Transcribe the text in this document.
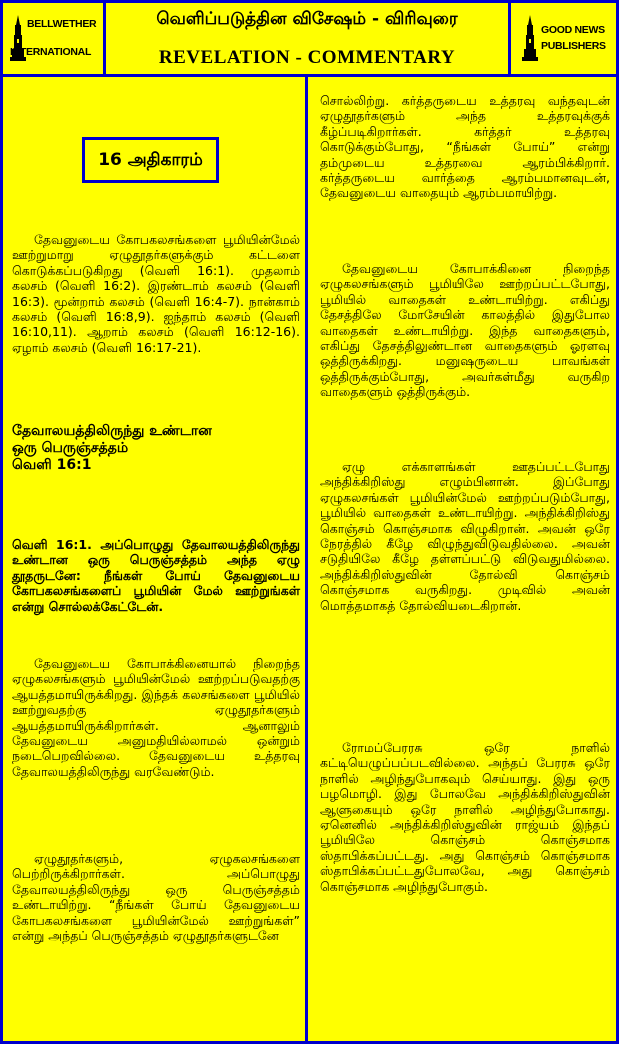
BELLWETHER
INTERNATIONAL
வெளிப்படுத்தின விசேஷம் - விரிவுரை
REVELATION - COMMENTARY
GOOD NEWS
PUBLISHERS
16 அதிகாரம்
தேவனுடைய கோபகலசங்களை பூமியின்மேல் ஊற்றுமாறு ஏழுதூதர்களுக்கும் கட்டளை கொடுக்கப்படுகிறது (வெளி 16:1). முதலாம் கலசம் (வெளி 16:2). இரண்டாம் கலசம் (வெளி 16:3). மூன்றாம் கலசம் (வெளி 16:4-7). நான்காம் கலசம் (வெளி 16:8,9). ஐந்தாம் கலசம் (வெளி 16:10,11). ஆறாம் கலசம் (வெளி 16:12-16). ஏழாம் கலசம் (வெளி 16:17-21).
தேவாலயத்திலிருந்து உண்டான
ஒரு பெருஞ்சத்தம்
வெளி 16:1
வெளி 16:1. அப்பொழுது தேவாலயத்திலிருந்து உண்டான ஒரு பெருஞ்சத்தம் அந்த ஏழு தூதருடனே: நீங்கள் போய் தேவனுடைய கோபகலசங்களைப் பூமியின் மேல் ஊற்றுங்கள் என்று சொல்லக்கேட்டேன்.
தேவனுடைய கோபாக்கினையால் நிறைந்த ஏழுகலசங்களும் பூமியின்மேல் ஊற்றப்படுவதற்கு ஆயத்தமாயிருக்கிறது. இந்தக் கலசங்களை பூமியில் ஊற்றுவதற்கு ஏழுதூதர்களும் ஆயத்தமாயிருக்கிறார்கள். ஆனாலும் தேவனுடைய அனுமதியில்லாமல் ஒன்றும் நடைபெறவில்லை. தேவனுடைய உத்தரவு தேவாலயத்திலிருந்து வரவேண்டும்.
ஏழுதூதர்களும், ஏழுகலசங்களை பெற்றிருக்கிறார்கள். அப்பொழுது தேவாலயத்திலிருந்து ஒரு பெருஞ்சத்தம் உண்டாயிற்று. “நீங்கள் போய் தேவனுடைய கோபகலசங்களை பூமியின்மேல் ஊற்றுங்கள்” என்று அந்தப் பெருஞ்சத்தம் ஏழுதூதர்களுடனே
சொல்லிற்று. கர்த்தருடைய உத்தரவு வந்தவுடன் ஏழுதூதர்களும் அந்த உத்தரவுக்குக் கீழ்ப்படிகிறார்கள். கர்த்தர் உத்தரவு கொடுக்கும்போது, “நீங்கள் போய்” என்று தம்முடைய உத்தரவை ஆரம்பிக்கிறார். கர்த்தருடைய வார்த்தை ஆரம்பமானவுடன், தேவனுடைய வாதையும் ஆரம்பமாயிற்று.
தேவனுடைய கோபாக்கினை நிறைந்த ஏழுகலசங்களும் பூமியிலே ஊற்றப்பட்டபோது, பூமியில் வாதைகள் உண்டாயிற்று. எகிப்து தேசத்திலே மோசேயின் காலத்தில் இதுபோல வாதைகள் உண்டாயிற்று. இந்த வாதைகளும், எகிப்து தேசத்திலுண்டான வாதைகளும் ஓரளவு ஒத்திருக்கிறது. மனுஷருடைய பாவங்கள் ஒத்திருக்கும்போது, அவர்கள்மீது வருகிற வாதைகளும் ஒத்திருக்கும்.
ஏழு எக்காளங்கள் ஊதப்பட்டபோது அந்திக்கிறிஸ்து எழும்பினான். இப்போது ஏழுகலசங்கள் பூமியின்மேல் ஊற்றப்படும்போது, பூமியில் வாதைகள் உண்டாயிற்று. அந்திக்கிறிஸ்து கொஞ்சம் கொஞ்சமாக விழுகிறான். அவன் ஒரே நேரத்தில் கீழே விழுந்துவிடுவதில்லை. அவன் சடுதியிலே கீழே தள்ளப்பட்டு விடுவதுமில்லை. அந்திக்கிறிஸ்துவின் தோல்வி கொஞ்சம் கொஞ்சமாக வருகிறது. முடிவில் அவன் மொத்தமாகத் தோல்வியடைகிறான்.
ரோமப்பேரரசு ஒரே நாளில் கட்டியெழுப்பப்படவில்லை. அந்தப் பேரரசு ஒரே நாளில் அழிந்துபோகவும் செய்யாது. இது ஒரு பழமொழி. இது போலவே அந்திக்கிறிஸ்துவின் ஆளுகையும் ஒரே நாளில் அழிந்துபோகாது. ஏனெனில் அந்திக்கிறிஸ்துவின் ராஜ்யம் இந்தப் பூமியிலே கொஞ்சம் கொஞ்சமாக ஸ்தாபிக்கப்பட்டது. அது கொஞ்சம் கொஞ்சமாக ஸ்தாபிக்கப்பட்டதுபோலவே, அது கொஞ்சம் கொஞ்சமாக அழிந்துபோகும்.
